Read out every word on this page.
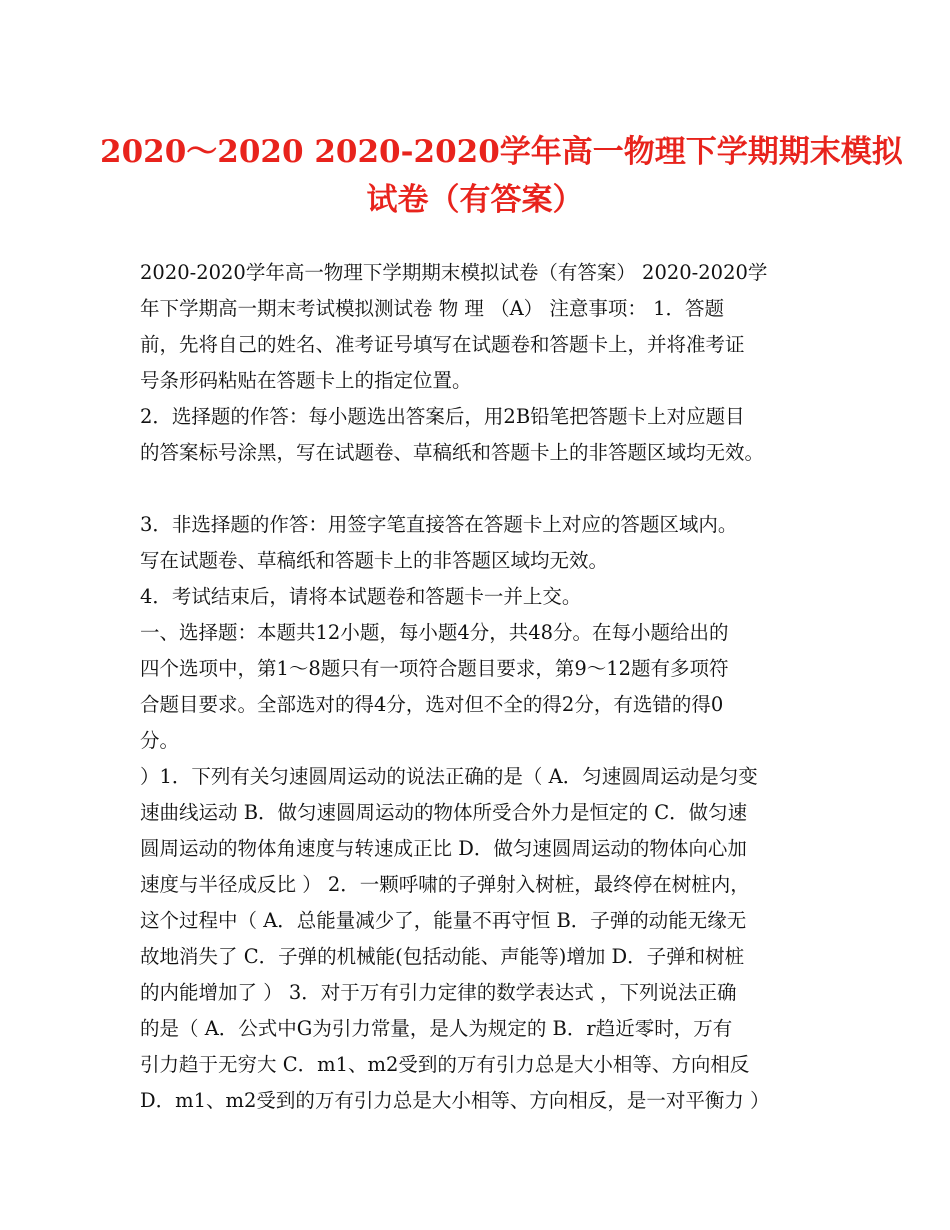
2020～2020 2020-2020学年高一物理下学期期末模拟
试卷（有答案）
2020-2020学年高一物理下学期期末模拟试卷（有答案） 2020-2020学
年下学期高一期末考试模拟测试卷 物 理 （A） 注意事项： 1．答题
前，先将自己的姓名、准考证号填写在试题卷和答题卡上，并将准考证
号条形码粘贴在答题卡上的指定位置。
2．选择题的作答：每小题选出答案后，用2B铅笔把答题卡上对应题目
的答案标号涂黑，写在试题卷、草稿纸和答题卡上的非答题区域均无效。
3．非选择题的作答：用签字笔直接答在答题卡上对应的答题区域内。
写在试题卷、草稿纸和答题卡上的非答题区域均无效。
4．考试结束后，请将本试题卷和答题卡一并上交。
一、选择题：本题共12小题，每小题4分，共48分。在每小题给出的
四个选项中，第1～8题只有一项符合题目要求，第9～12题有多项符
合题目要求。全部选对的得4分，选对但不全的得2分，有选错的得0
分。
）1．下列有关匀速圆周运动的说法正确的是（ A．匀速圆周运动是匀变
速曲线运动 B．做匀速圆周运动的物体所受合外力是恒定的 C．做匀速
圆周运动的物体角速度与转速成正比 D．做匀速圆周运动的物体向心加
速度与半径成反比 ） 2．一颗呼啸的子弹射入树桩，最终停在树桩内，
这个过程中（ A．总能量减少了，能量不再守恒 B．子弹的动能无缘无
故地消失了 C．子弹的机械能(包括动能、声能等)增加 D．子弹和树桩
的内能增加了 ） 3．对于万有引力定律的数学表达式 ，下列说法正确
的是（ A．公式中G为引力常量，是人为规定的 B．r趋近零时，万有
引力趋于无穷大 C．m1、m2受到的万有引力总是大小相等、方向相反
D．m1、m2受到的万有引力总是大小相等、方向相反，是一对平衡力 ）
